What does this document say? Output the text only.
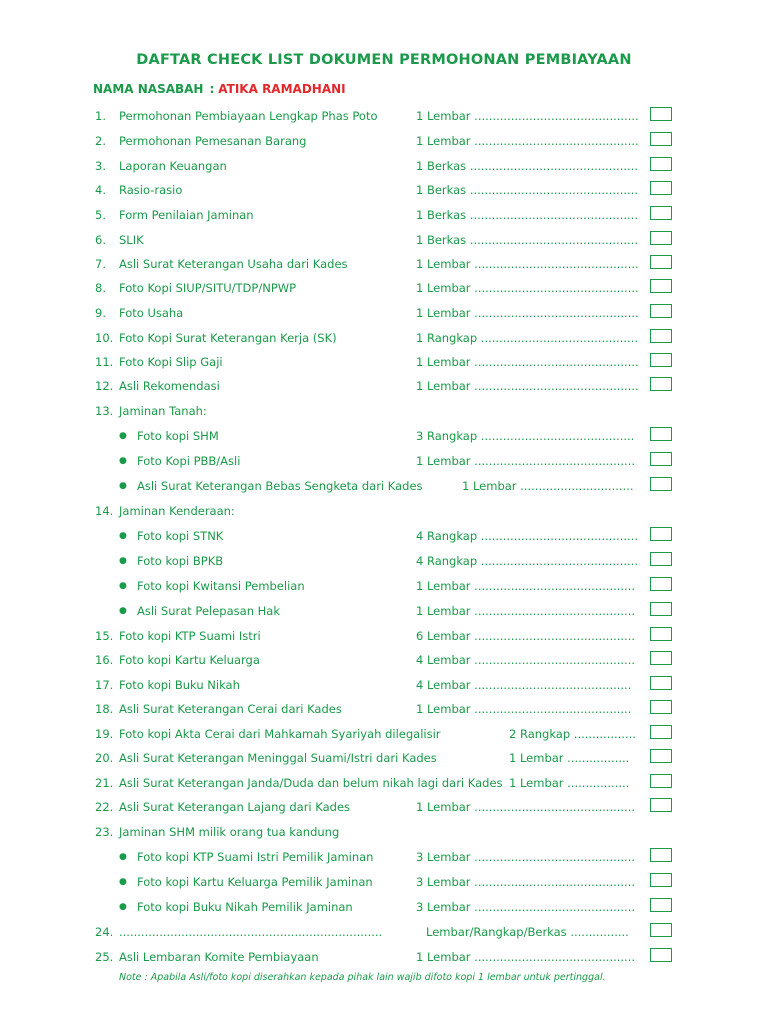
DAFTAR CHECK LIST DOKUMEN PERMOHONAN PEMBIAYAAN
NAMA NASABAH : ATIKA RAMADHANI
1. Permohonan Pembiayaan Lengkap Phas Poto	1 Lembar .............................................
2. Permohonan Pemesanan Barang	1 Lembar .............................................
3. Laporan Keuangan	1 Berkas ..............................................
4. Rasio-rasio	1 Berkas ..............................................
5. Form Penilaian Jaminan	1 Berkas ..............................................
6. SLIK	1 Berkas ..............................................
7. Asli Surat Keterangan Usaha dari Kades	1 Lembar .............................................
8. Foto Kopi SIUP/SITU/TDP/NPWP	1 Lembar .............................................
9. Foto Usaha	1 Lembar .............................................
10. Foto Kopi Surat Keterangan Kerja (SK)	1 Rangkap ...........................................
11. Foto Kopi Slip Gaji	1 Lembar .............................................
12. Asli Rekomendasi	1 Lembar .............................................
13. Jaminan Tanah:
● Foto kopi SHM	3 Rangkap ..........................................
● Foto Kopi PBB/Asli	1 Lembar ............................................
● Asli Surat Keterangan Bebas Sengketa dari Kades	1 Lembar ...............................
14. Jaminan Kenderaan:
● Foto kopi STNK	4 Rangkap ...........................................
● Foto kopi BPKB	4 Rangkap ...........................................
● Foto kopi Kwitansi Pembelian	1 Lembar ............................................
● Asli Surat Pelepasan Hak	1 Lembar ............................................
15. Foto kopi KTP Suami Istri	6 Lembar ............................................
16. Foto kopi Kartu Keluarga	4 Lembar ............................................
17. Foto kopi Buku Nikah	4 Lembar ...........................................
18. Asli Surat Keterangan Cerai dari Kades	1 Lembar ...........................................
19. Foto kopi Akta Cerai dari Mahkamah Syariyah dilegalisir	2 Rangkap .................
20. Asli Surat Keterangan Meninggal Suami/Istri dari Kades	1 Lembar .................
21. Asli Surat Keterangan Janda/Duda dan belum nikah lagi dari Kades 1 Lembar .................
22. Asli Surat Keterangan Lajang dari Kades	1 Lembar ............................................
23. Jaminan SHM milik orang tua kandung
● Foto kopi KTP Suami Istri Pemilik Jaminan	3 Lembar ............................................
● Foto kopi Kartu Keluarga Pemilik Jaminan	3 Lembar ............................................
● Foto kopi Buku Nikah Pemilik Jaminan	3 Lembar ............................................
24. ........................................................................	Lembar/Rangkap/Berkas ................
25. Asli Lembaran Komite Pembiayaan	1 Lembar ............................................
Note : Apabila Asli/foto kopi diserahkan kepada pihak lain wajib difoto kopi 1 lembar untuk pertinggal.
